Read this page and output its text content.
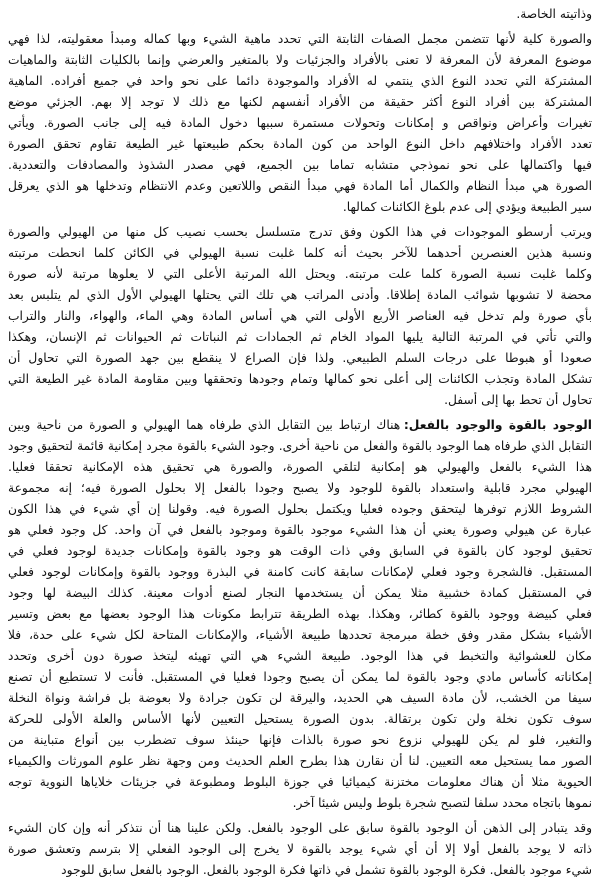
وذاتيته الخاصة.
والصورة كلية لأنها تتضمن مجمل الصفات الثابتة التي تحدد ماهية الشيء وبها كماله ومبدأ معقوليته، لذا فهي
موضوع المعرفة لأن المعرفة لا تعنى بالأفراد والجزئيات ولا بالمتغير والعرضي وإنما بالكليات الثابتة والماهيات
المشتركة التي تحدد النوع الذي ينتمي له الأفراد والموجودة دائما على نحو واحد في جميع أفراده. الماهية
المشتركة بين أفراد النوع أكثر حقيقة من الأفراد أنفسهم لكنها مع ذلك لا توجد إلا بهم. الجزئي موضع
تغيرات وأعراض ونواقص و إمكانات وتحولات مستمرة سببها دخول المادة فيه إلى جانب الصورة. ويأتي
تعدد الأفراد واختلافهم داخل النوع الواحد من كون المادة بحكم طبيعتها غير الطيعة تقاوم تحقق الصورة
فيها واكتمالها على نحو نموذجي متشابه تماما بين الجميع، فهي مصدر الشذوذ والمصادفات والتعددية.
الصورة هي مبدأ النظام والكمال أما المادة فهي مبدأ النقص واللاتعين وعدم الانتظام وتدخلها هو الذي يعرقل
سير الطبيعة ويؤدي إلى عدم بلوغ الكائنات كمالها.
ويرتب أرسطو الموجودات في هذا الكون وفق تدرج متسلسل بحسب نصيب كل منها من الهيولي والصورة
ونسبة هذين العنصرين أحدهما للآخر بحيث أنه كلما غلبت نسبة الهيولي في الكائن كلما انحطت مرتبته
وكلما غلبت نسبة الصورة كلما علت مرتبته. ويحتل الله المرتبة الأعلى التي لا يعلوها مرتبة لأنه صورة
محضة لا تشوبها شوائب المادة إطلاقا. وأدنى المراتب هي تلك التي يحتلها الهيولي الأول الذي لم يتلبس بعد
بأي صورة ولم تدخل فيه العناصر الأربع الأولى التي هي أساس المادة وهي الماء، والهواء، والنار والتراب
والتي تأتي في المرتبة التالية يليها المواد الخام ثم الجمادات ثم النباتات ثم الحيوانات ثم الإنسان، وهكذا
صعودا أو هبوطا على درجات السلم الطبيعي. ولذا فإن الصراع لا ينقطع بين جهد الصورة التي تحاول أن
تشكل المادة وتجذب الكائنات إلى أعلى نحو كمالها وتمام وجودها وتحققها وبين مقاومة المادة غير الطيعة التي
تحاول أن تحط بها إلى أسفل.
الوجود بالقوة والوجود بالفعل:هناك ارتباط بين التقابل الذي طرفاه هما الهيولي و الصورة من ناحية وبين
التقابل الذي طرفاه هما الوجود بالقوة والفعل من ناحية أخرى. وجود الشيء بالقوة مجرد إمكانية قائمة لتحقيق وجود
هذا الشيء بالفعل والهيولي هو إمكانية لتلقي الصورة، والصورة هي تحقيق هذه الإمكانية تحققا فعليا.
الهيولي مجرد قابلية واستعداد بالقوة للوجود ولا يصبح وجودا بالفعل إلا بحلول الصورة فيه؛ إنه مجموعة
الشروط اللازم توفرها ليتحقق وجوده فعليا ويكتمل بحلول الصورة فيه. وقولنا إن أي شيء في هذا الكون
عبارة عن هيولي وصورة يعني أن هذا الشيء موجود بالقوة وموجود بالفعل في آن واحد. كل وجود فعلي هو
تحقيق لوجود كان بالقوة في السابق وفي ذات الوقت هو وجود بالقوة وإمكانات جديدة لوجود فعلي في
المستقبل. فالشجرة وجود فعلي لإمكانات سابقة كانت كامنة في البذرة ووجود بالقوة وإمكانات لوجود فعلي
في المستقبل كمادة خشبية مثلا يمكن أن يستخدمها النجار لصنع أدوات معينة. كذلك البيضة لها وجود
فعلي كبيضة ووجود بالقوة كطائر، وهكذا. بهذه الطريقة تترابط مكونات هذا الوجود بعضها مع بعض وتسير
الأشياء بشكل مقدر وفق خطة مبرمجة تحددها طبيعة الأشياء، والإمكانات المتاحة لكل شيء على حدة، فلا
مكان للعشوائية والتخبط في هذا الوجود. طبيعة الشيء هي التي تهيئه ليتخذ صورة دون أخرى وتحدد
إمكاناته كأساس مادي وجود بالقوة لما يمكن أن يصبح وجودا فعليا في المستقبل. فأنت لا تستطيع أن تصنع
سيفا من الخشب، لأن مادة السيف هي الحديد، واليرقة لن تكون جرادة ولا بعوضة بل فراشة ونواة النخلة
سوف تكون نخلة ولن تكون برتقالة. بدون الصورة يستحيل التعيين لأنها الأساس والعلة الأولى للحركة
والتغير، فلو لم يكن للهيولي نزوع نحو صورة بالذات فإنها حينئذ سوف تضطرب بين أنواع متباينة من
الصور مما يستحيل معه التعيين. لنا أن نقارن هذا بطرح العلم الحديث ومن وجهة نظر علوم المورثات والكيمياء
الحيوية مثلا أن هناك معلومات مختزنة كيميائيا في جوزة البلوط ومطبوعة في جزيئات خلاياها النووية توجه
نموها باتجاه محدد سلفا لتصبح شجرة بلوط وليس شيئا آخر.
وقد يتبادر إلى الذهن أن الوجود بالقوة سابق على الوجود بالفعل. ولكن علينا هنا أن نتذكر أنه وإن كان الشيء
ذاته لا يوجد بالفعل أولا إلا أن أي شيء يوجد بالقوة لا يخرج إلى الوجود الفعلي إلا بترسم وتعشق صورة
شيء موجود بالفعل. فكرة الوجود بالقوة تشمل في ذاتها فكرة الوجود بالفعل. الوجود بالفعل سابق للوجود
